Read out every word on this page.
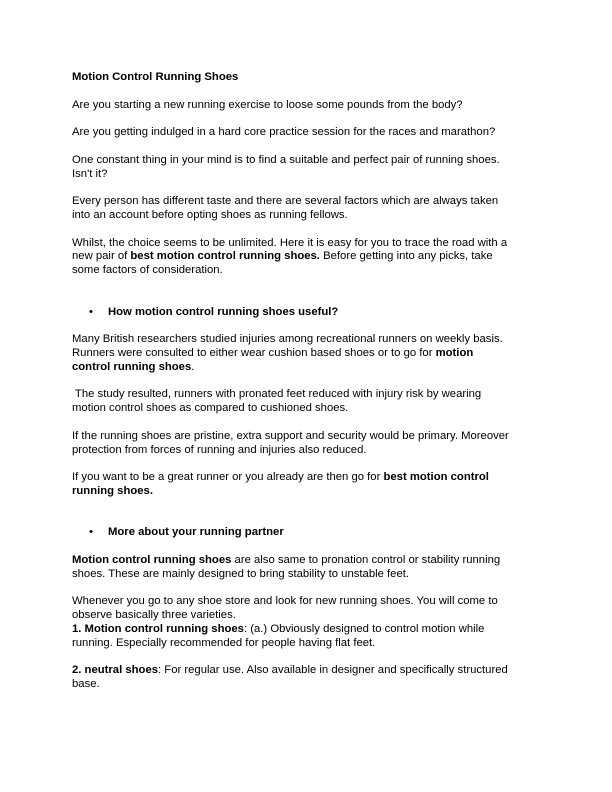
Motion Control Running Shoes

Are you starting a new running exercise to loose some pounds from the body?

Are you getting indulged in a hard core practice session for the races and marathon?

One constant thing in your mind is to find a suitable and perfect pair of running shoes.

Isn't it?

Every person has different taste and there are several factors which are always taken

into an account before opting shoes as running fellows.

Whilst, the choice seems to be unlimited. Here it is easy for you to trace the road with a

new pair of best motion control running shoes. Before getting into any picks, take

some factors of consideration.

• How motion control running shoes useful?

Many British researchers studied injuries among recreational runners on weekly basis.

Runners were consulted to either wear cushion based shoes or to go for motion

control running shoes.

The study resulted, runners with pronated feet reduced with injury risk by wearing

motion control shoes as compared to cushioned shoes.

If the running shoes are pristine, extra support and security would be primary. Moreover

protection from forces of running and injuries also reduced.

If you want to be a great runner or you already are then go for best motion control

running shoes.

• More about your running partner

Motion control running shoes are also same to pronation control or stability running

shoes. These are mainly designed to bring stability to unstable feet.

Whenever you go to any shoe store and look for new running shoes. You will come to

observe basically three varieties.

1. Motion control running shoes: (a.) Obviously designed to control motion while

running. Especially recommended for people having flat feet.

2. neutral shoes: For regular use. Also available in designer and specifically structured

base.
